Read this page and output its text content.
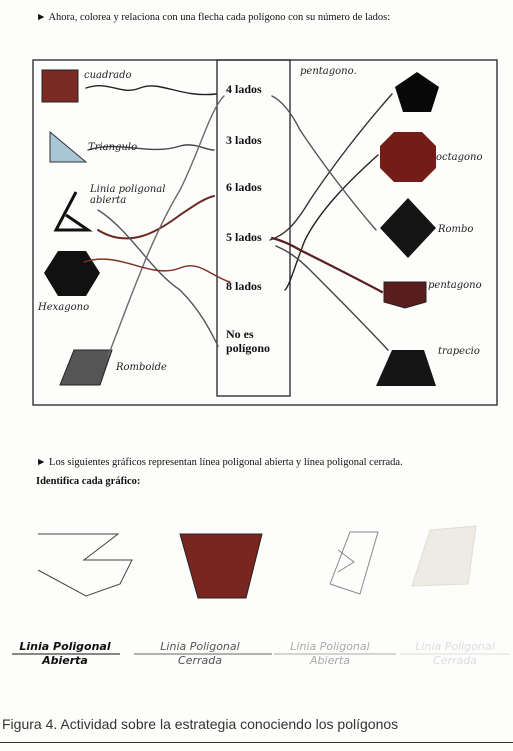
► Ahora, colorea y relaciona con una flecha cada polígono con su número de lados:
4 lados
3 lados
6 lados
5 lados
8 lados
No es polígono
cuadrado
Triangulo
Linia poligonal abierta
Hexagono
Romboide
pentagono.
octagono
Rombo
pentagono
trapecio
► Los siguientes gráficos representan línea poligonal abierta y línea poligonal cerrada.
Identifica cada gráfico:
Linia Poligonal
Abierta
Linia Poligonal
Cerrada
Linia Poligonal
Abierta
Linia Poligonal
Cerrada
Figura 4. Actividad sobre la estrategia conociendo los polígonos
